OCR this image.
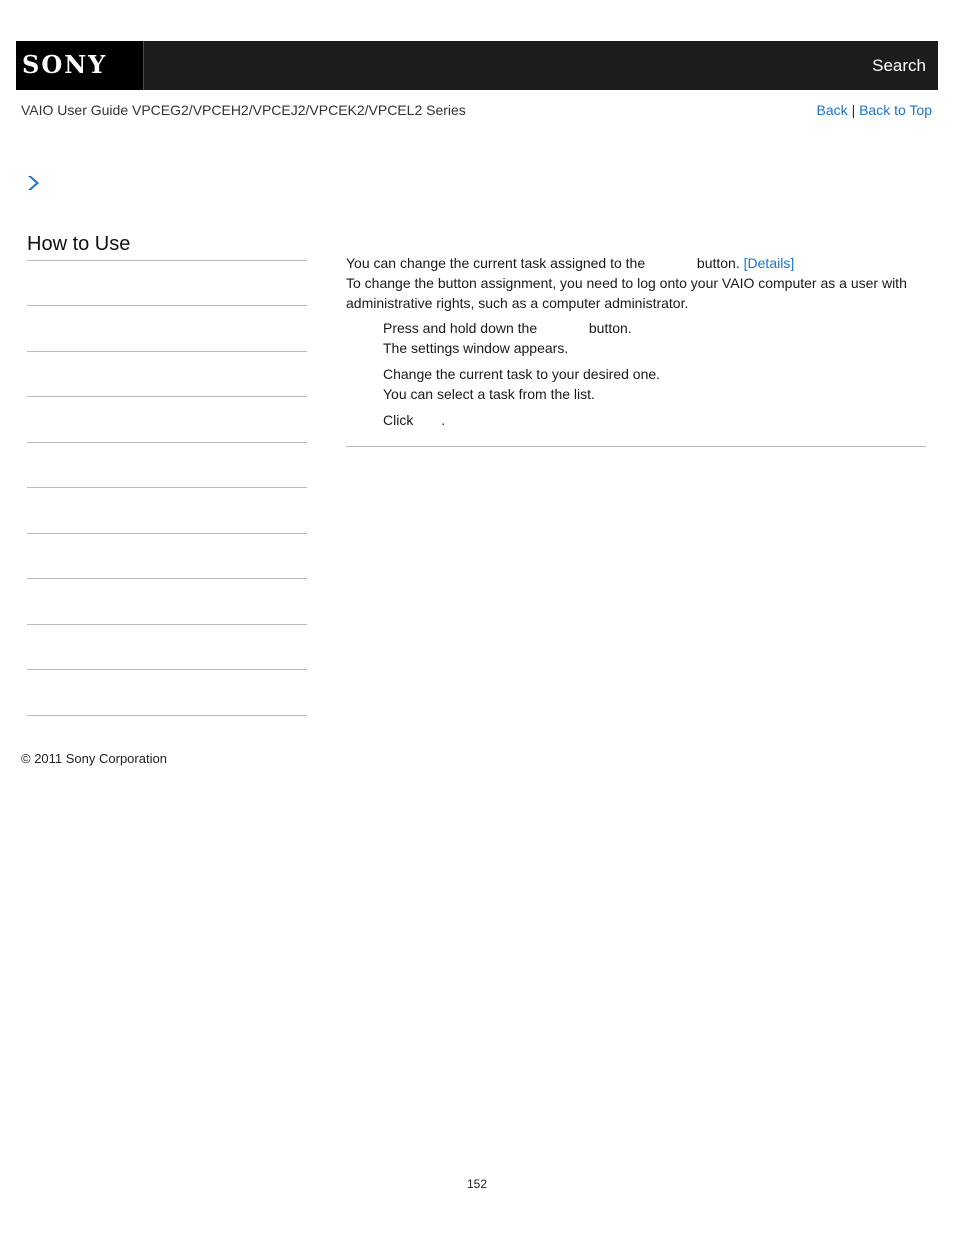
SONY	Search
VAIO User Guide VPCEG2/VPCEH2/VPCEJ2/VPCEK2/VPCEL2 Series	Back | Back to Top
How to Use

You can change the current task assigned to the	button. [Details]

To change the button assignment, you need to log onto your VAIO computer as a user with administrative rights, such as a computer administrator.

Press and hold down the	button.

The settings window appears.

Change the current task to your desired one.

You can select a task from the list.

Click .

© 2011 Sony Corporation
152
